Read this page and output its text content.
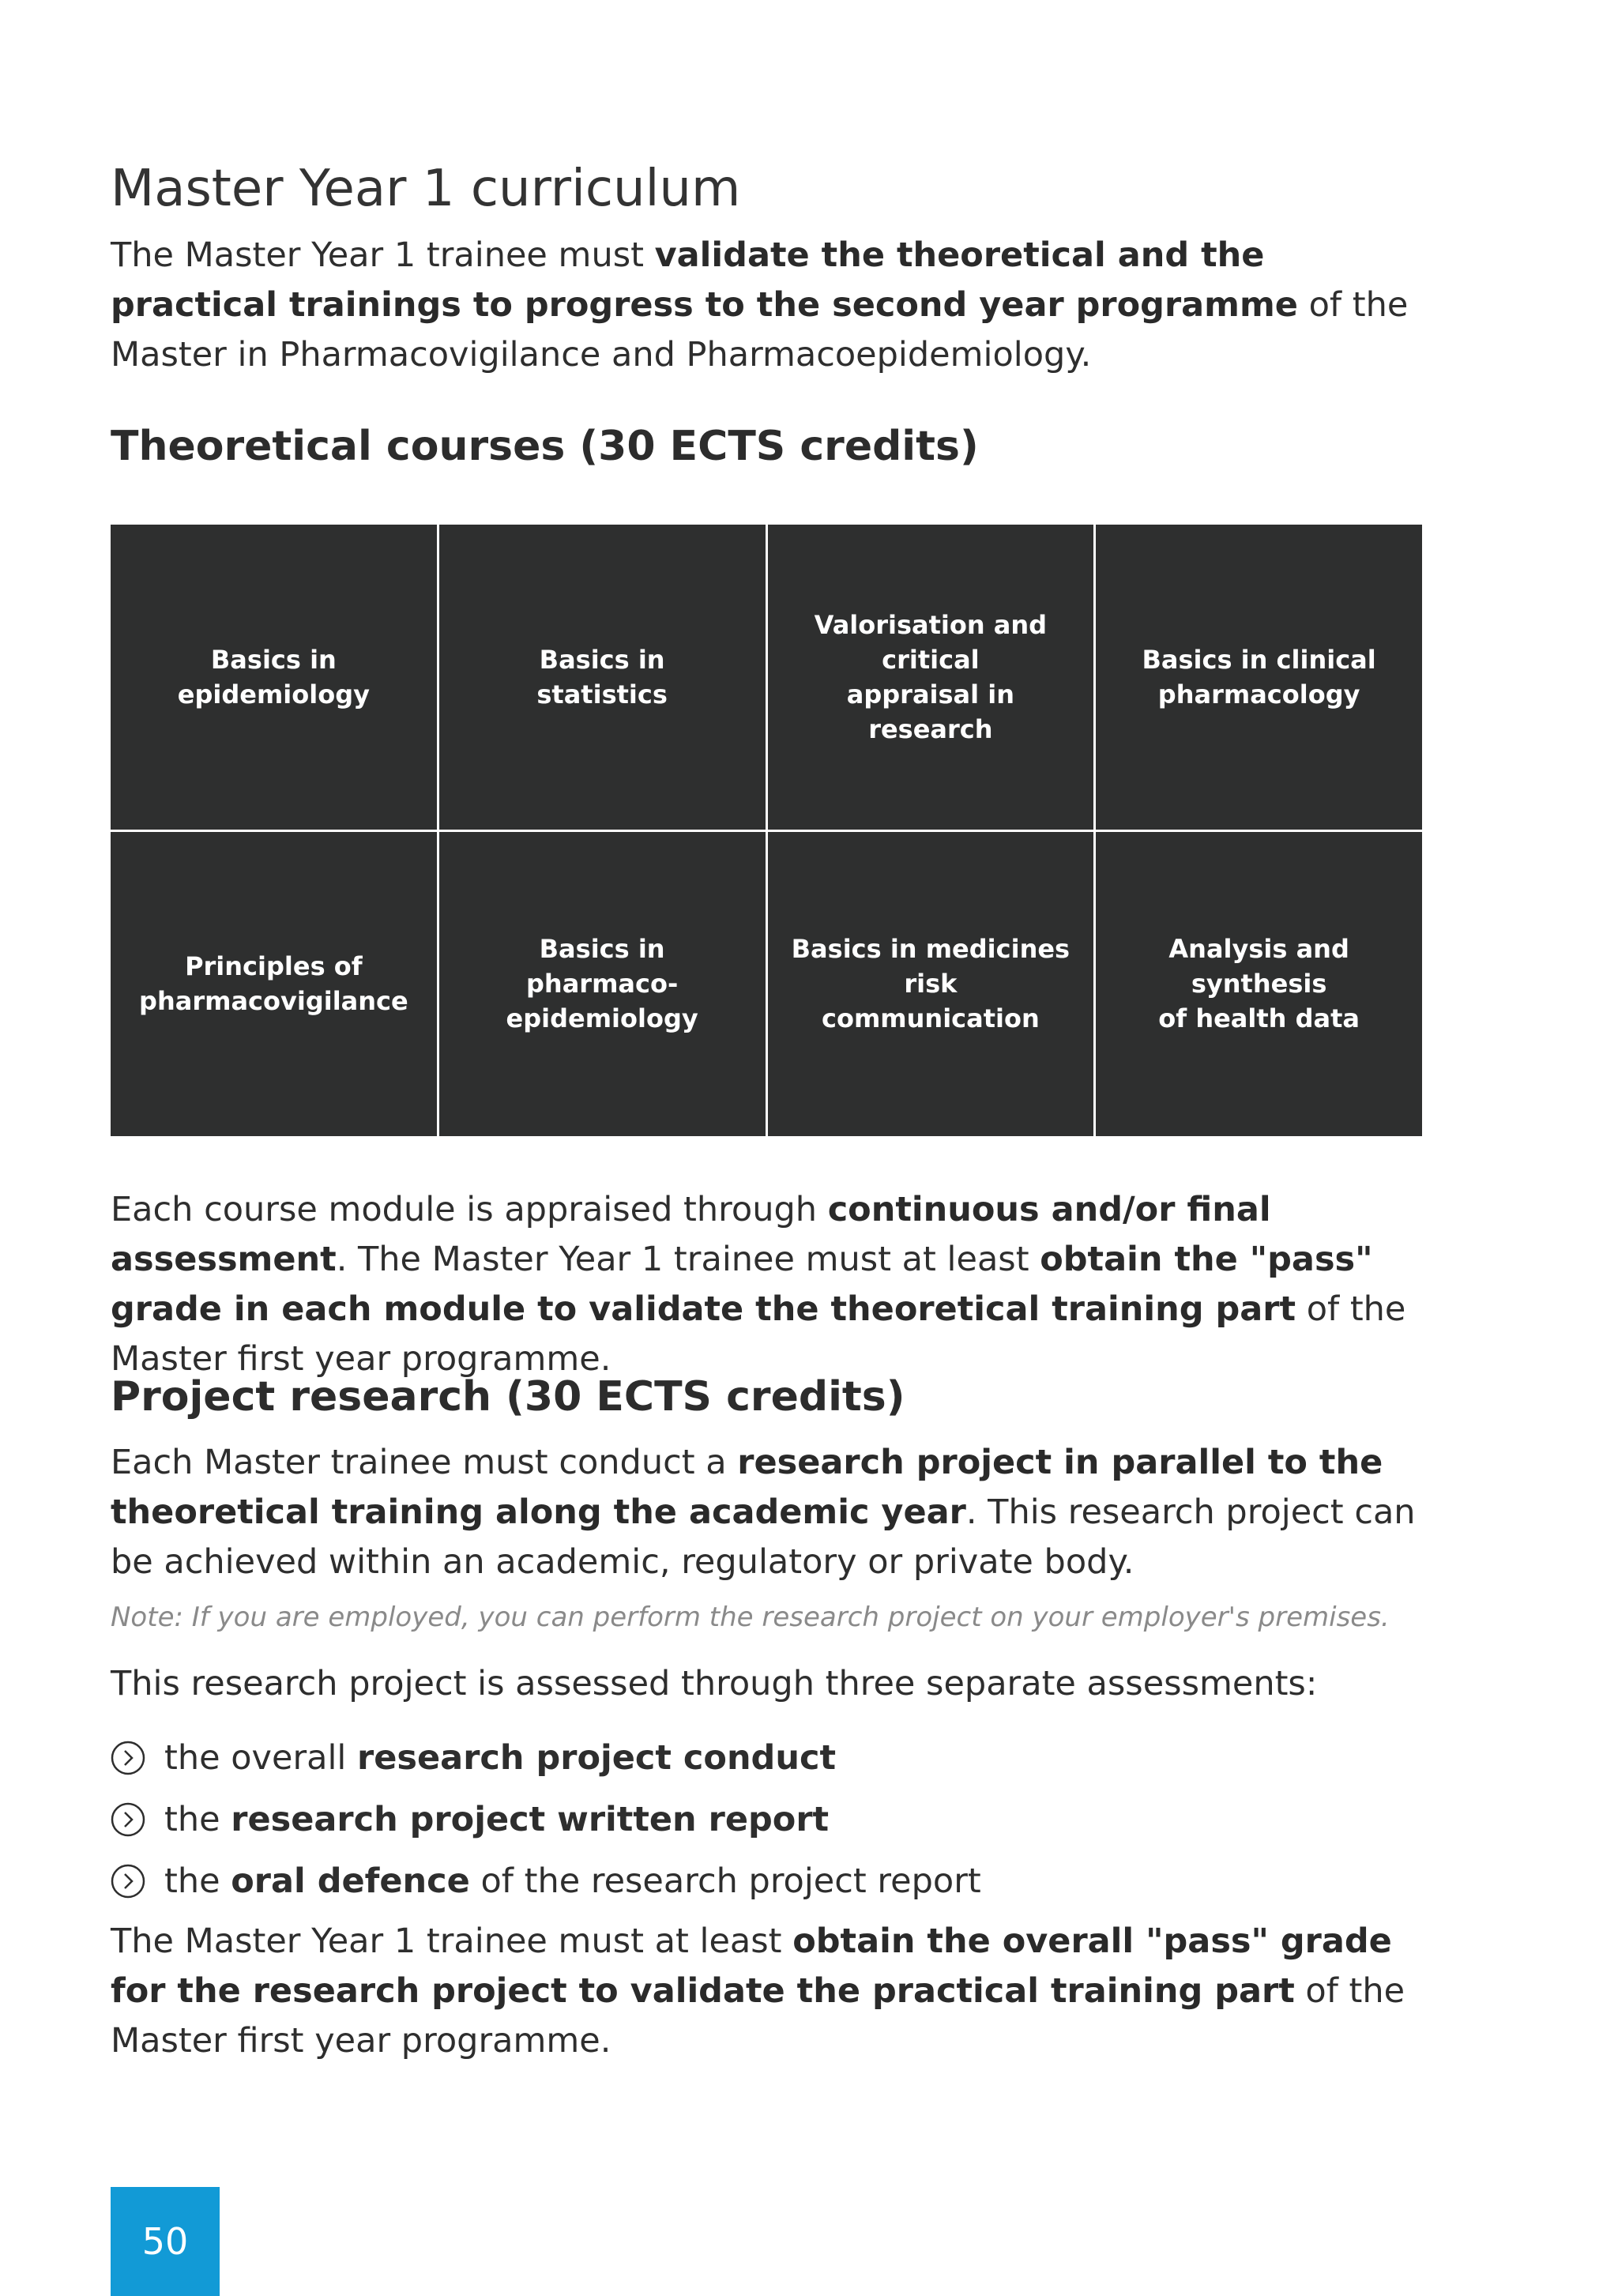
Master Year 1 curriculum

The Master Year 1 trainee must validate the theoretical and the practical trainings to progress to the second year programme of the Master in Pharmacovigilance and Pharmacoepidemiology.

Theoretical courses (30 ECTS credits)
Basics in
epidemiology
Basics in
statistics
Valorisation and critical
appraisal in research
Basics in clinical
pharmacology
Principles of
pharmacovigilance
Basics in
pharmaco-
epidemiology
Basics in medicines
risk communication
Analysis and synthesis
of health data

Each course module is appraised through continuous and/or final assessment. The Master Year 1 trainee must at least obtain the "pass" grade in each module to validate the theoretical training part of the Master first year programme.

Project research (30 ECTS credits)

Each Master trainee must conduct a research project in parallel to the theoretical training along the academic year. This research project can be achieved within an academic, regulatory or private body.

Note: If you are employed, you can perform the research project on your employer's premises.

This research project is assessed through three separate assessments:

the overall research project conduct
the research project written report
the oral defence of the research project report

The Master Year 1 trainee must at least obtain the overall "pass" grade for the research project to validate the practical training part of the Master first year programme.

50
